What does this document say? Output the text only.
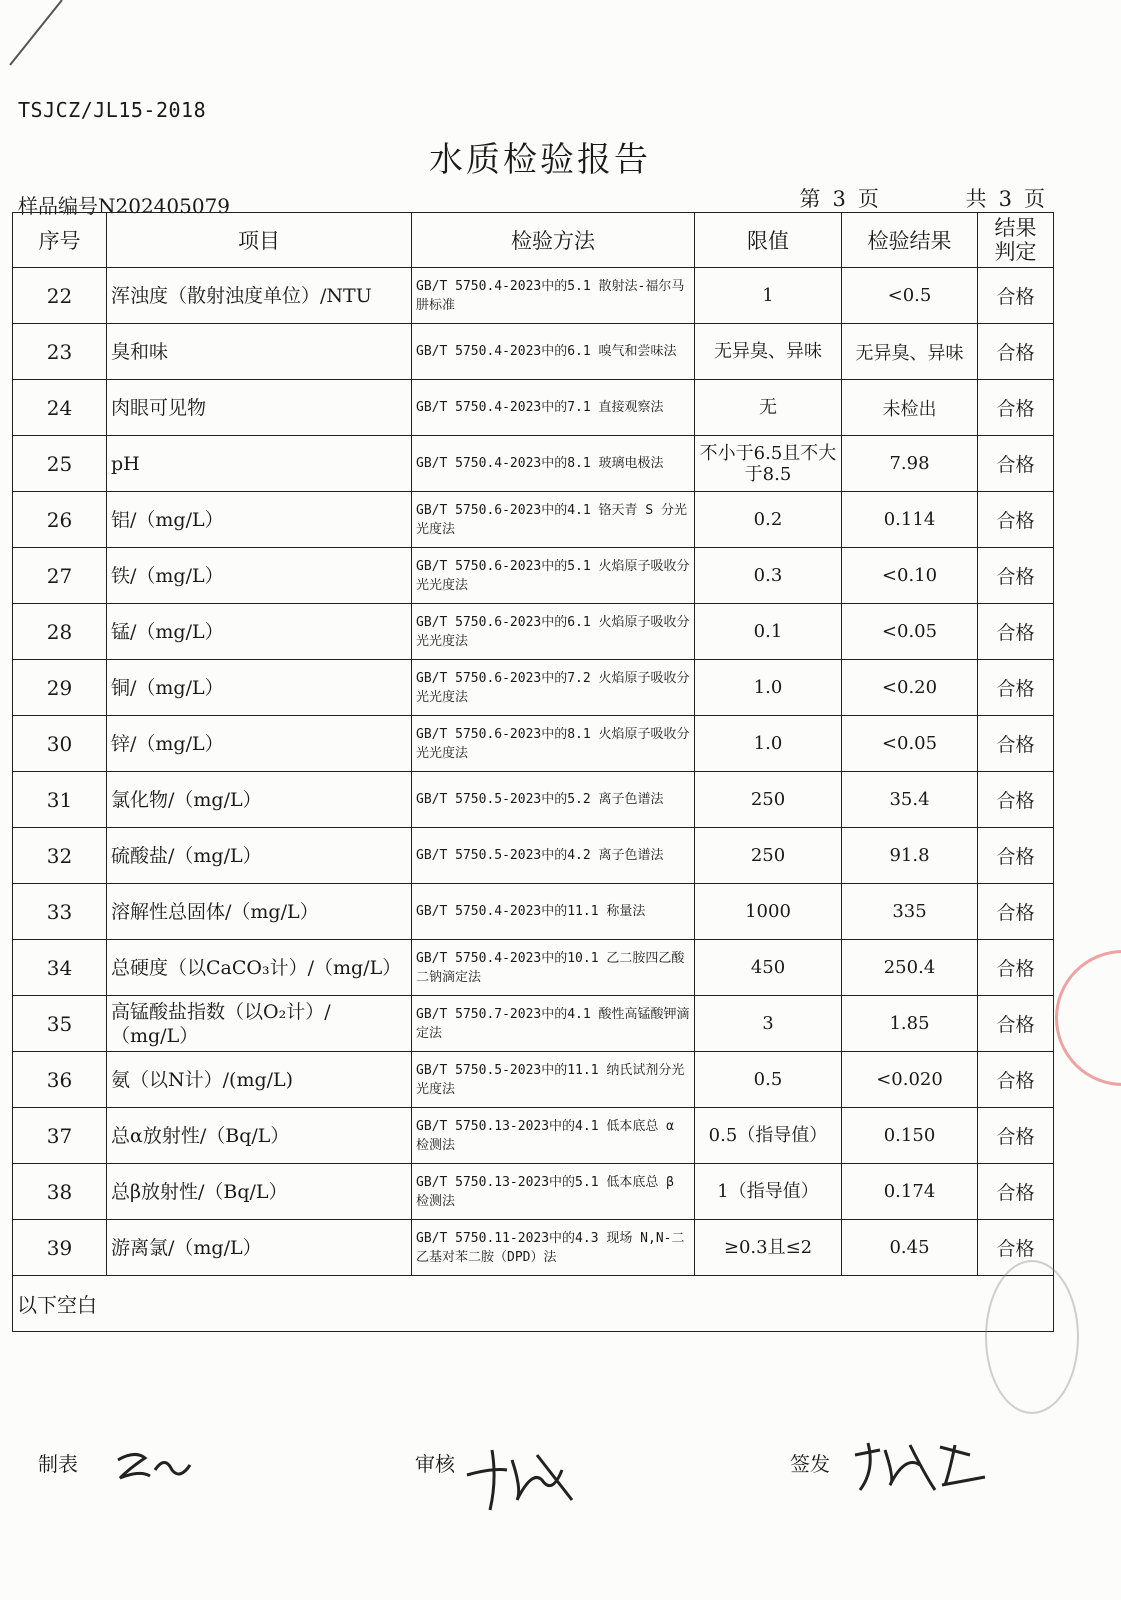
TSJCZ/JL15-2018
水质检验报告
样品编号N202405079	第 3 页	共 3 页
序号	项目	检验方法	限值	检验结果	结果
判定
22	浑浊度（散射浊度单位）/NTU	GB/T 5750.4-2023中的5.1 散射法-福尔马肼标准	1	<0.5	合格
23	臭和味	GB/T 5750.4-2023中的6.1 嗅气和尝味法	无异臭、异味	无异臭、异味	合格
24	肉眼可见物	GB/T 5750.4-2023中的7.1 直接观察法	无	未检出	合格
25	pH	GB/T 5750.4-2023中的8.1 玻璃电极法	不小于6.5且不大于8.5	7.98	合格
26	铝/（mg/L）	GB/T 5750.6-2023中的4.1 铬天青 S 分光光度法	0.2	0.114	合格
27	铁/（mg/L）	GB/T 5750.6-2023中的5.1 火焰原子吸收分光光度法	0.3	<0.10	合格
28	锰/（mg/L）	GB/T 5750.6-2023中的6.1 火焰原子吸收分光光度法	0.1	<0.05	合格
29	铜/（mg/L）	GB/T 5750.6-2023中的7.2 火焰原子吸收分光光度法	1.0	<0.20	合格
30	锌/（mg/L）	GB/T 5750.6-2023中的8.1 火焰原子吸收分光光度法	1.0	<0.05	合格
31	氯化物/（mg/L）	GB/T 5750.5-2023中的5.2 离子色谱法	250	35.4	合格
32	硫酸盐/（mg/L）	GB/T 5750.5-2023中的4.2 离子色谱法	250	91.8	合格
33	溶解性总固体/（mg/L）	GB/T 5750.4-2023中的11.1 称量法	1000	335	合格
34	总硬度（以CaCO₃计）/（mg/L）	GB/T 5750.4-2023中的10.1 乙二胺四乙酸二钠滴定法	450	250.4	合格
35	高锰酸盐指数（以O₂计）/（mg/L）	GB/T 5750.7-2023中的4.1 酸性高锰酸钾滴定法	3	1.85	合格
36	氨（以N计）/(mg/L)	GB/T 5750.5-2023中的11.1 纳氏试剂分光光度法	0.5	<0.020	合格
37	总α放射性/（Bq/L）	GB/T 5750.13-2023中的4.1 低本底总 α 检测法	0.5（指导值）	0.150	合格
38	总β放射性/（Bq/L）	GB/T 5750.13-2023中的5.1 低本底总 β 检测法	1（指导值）	0.174	合格
39	游离氯/（mg/L）	GB/T 5750.11-2023中的4.3 现场 N,N-二乙基对苯二胺（DPD）法	≥0.3且≤2	0.45	合格
以下空白					
制表	审核	签发
